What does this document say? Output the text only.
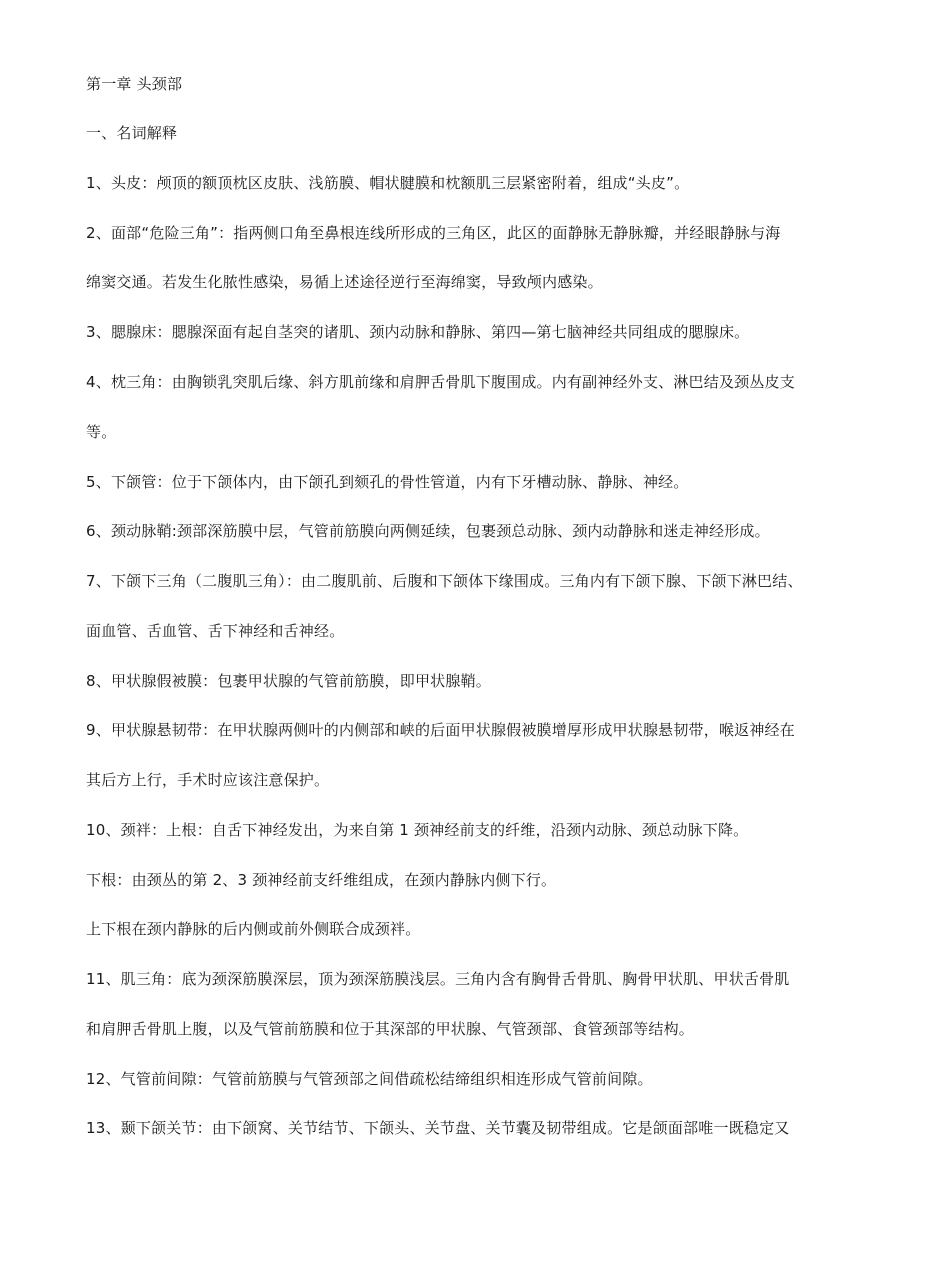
第一章 头颈部
一、名词解释
1、头皮：颅顶的额顶枕区皮肤、浅筋膜、帽状腱膜和枕额肌三层紧密附着，组成“头皮”。
2、面部“危险三角”：指两侧口角至鼻根连线所形成的三角区，此区的面静脉无静脉瓣，并经眼静脉与海
绵窦交通。若发生化脓性感染，易循上述途径逆行至海绵窦，导致颅内感染。
3、腮腺床：腮腺深面有起自茎突的诸肌、颈内动脉和静脉、第四—第七脑神经共同组成的腮腺床。
4、枕三角：由胸锁乳突肌后缘、斜方肌前缘和肩胛舌骨肌下腹围成。内有副神经外支、淋巴结及颈丛皮支
等。
5、下颌管：位于下颌体内，由下颌孔到颏孔的骨性管道，内有下牙槽动脉、静脉、神经。
6、颈动脉鞘:颈部深筋膜中层，气管前筋膜向两侧延续，包裹颈总动脉、颈内动静脉和迷走神经形成。
7、下颌下三角（二腹肌三角）：由二腹肌前、后腹和下颌体下缘围成。三角内有下颌下腺、下颌下淋巴结、
面血管、舌血管、舌下神经和舌神经。
8、甲状腺假被膜：包裹甲状腺的气管前筋膜，即甲状腺鞘。
9、甲状腺悬韧带：在甲状腺两侧叶的内侧部和峡的后面甲状腺假被膜增厚形成甲状腺悬韧带，喉返神经在
其后方上行，手术时应该注意保护。
10、颈袢：上根：自舌下神经发出，为来自第 1 颈神经前支的纤维，沿颈内动脉、颈总动脉下降。
下根：由颈丛的第 2、3 颈神经前支纤维组成，在颈内静脉内侧下行。
上下根在颈内静脉的后内侧或前外侧联合成颈袢。
11、肌三角：底为颈深筋膜深层，顶为颈深筋膜浅层。三角内含有胸骨舌骨肌、胸骨甲状肌、甲状舌骨肌
和肩胛舌骨肌上腹，以及气管前筋膜和位于其深部的甲状腺、气管颈部、食管颈部等结构。
12、气管前间隙：气管前筋膜与气管颈部之间借疏松结缔组织相连形成气管前间隙。
13、颞下颌关节：由下颌窝、关节结节、下颌头、关节盘、关节囊及韧带组成。它是颌面部唯一既稳定又
